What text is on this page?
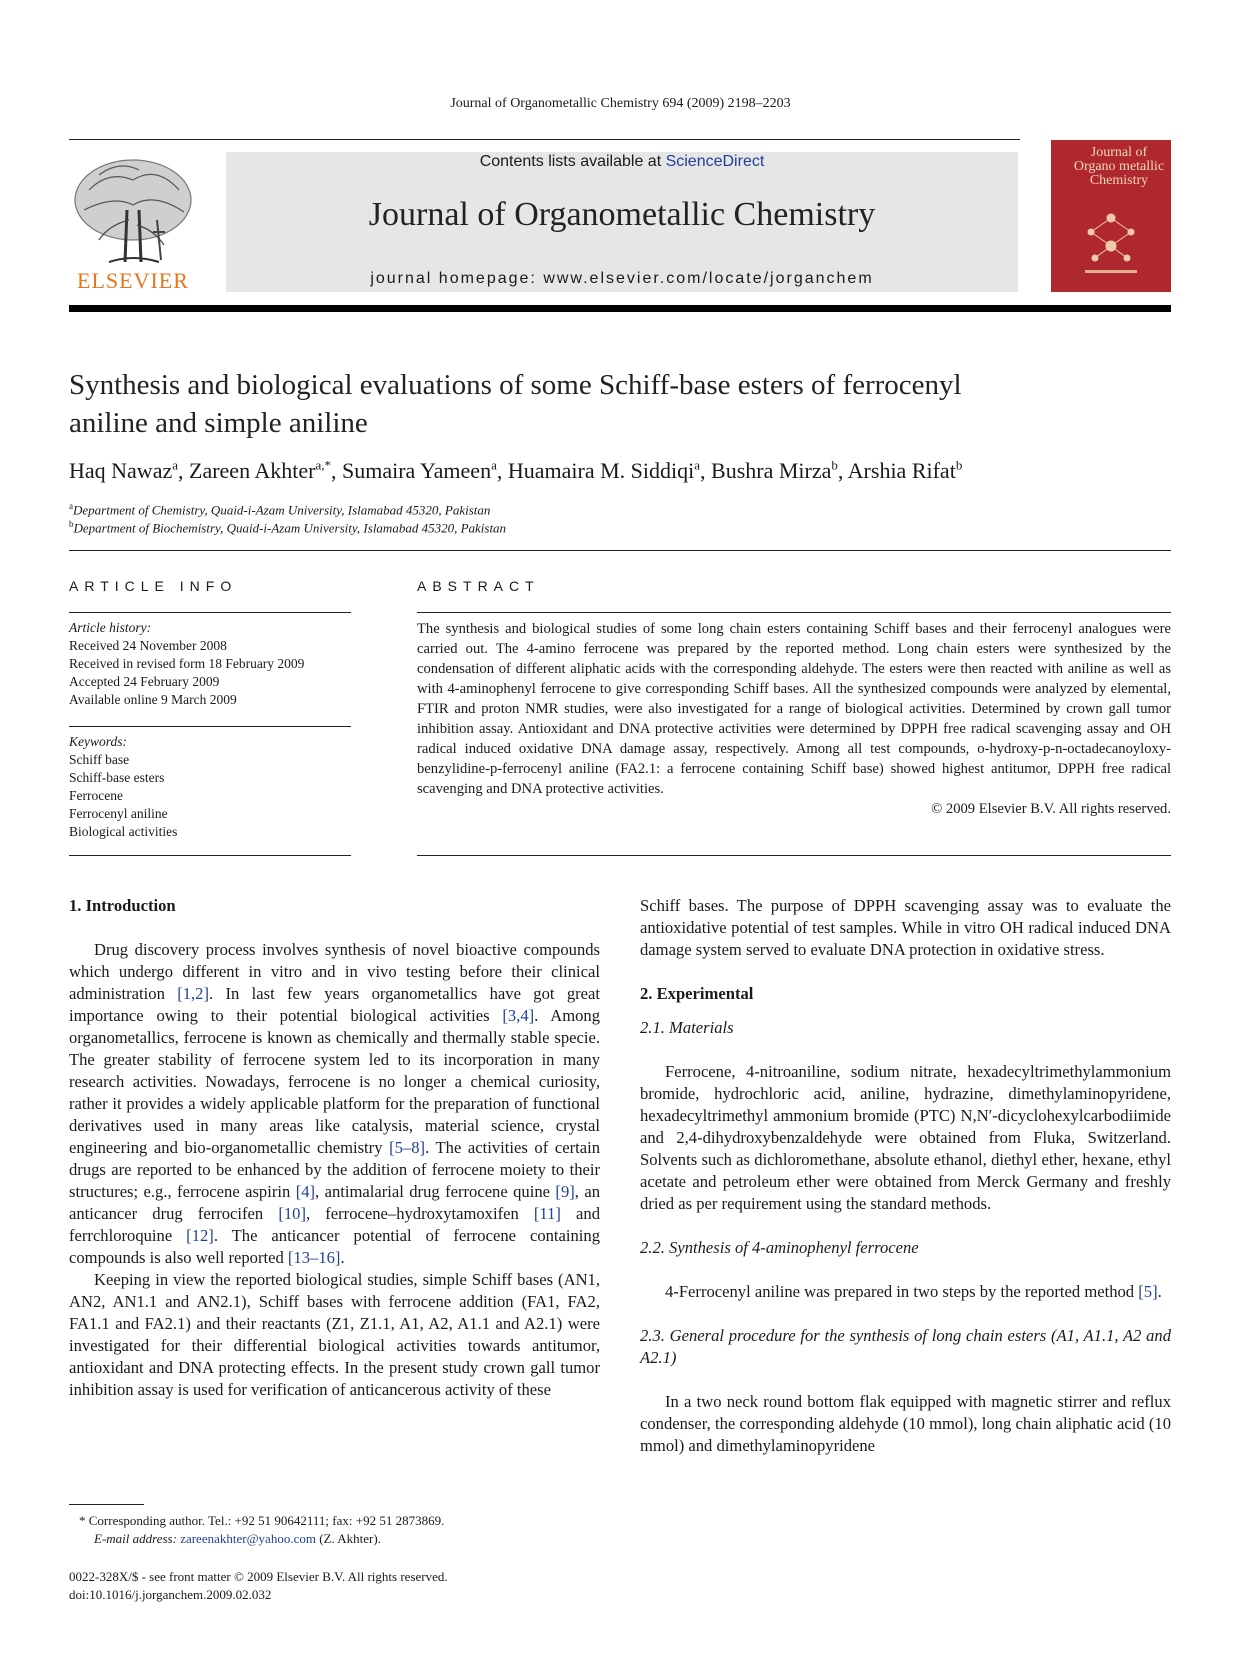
Journal of Organometallic Chemistry 694 (2009) 2198–2203
ELSEVIER
Contents lists available at ScienceDirect
Journal of Organometallic Chemistry
journal homepage: www.elsevier.com/locate/jorganchem
Journal of Organo metallic Chemistry
Synthesis and biological evaluations of some Schiff-base esters of ferrocenyl
aniline and simple aniline
Haq Nawaz$^a$, Zareen Akhter$^{a,*}$, Sumaira Yameen$^a$, Huamaira M. Siddiqi$^a$, Bushra Mirza$^b$, Arshia Rifat$^b$
$^a$Department of Chemistry, Quaid-i-Azam University, Islamabad 45320, Pakistan
$^b$Department of Biochemistry, Quaid-i-Azam University, Islamabad 45320, Pakistan
ARTICLE INFO
Article history:
Received 24 November 2008
Received in revised form 18 February 2009
Accepted 24 February 2009
Available online 9 March 2009
Keywords:
Schiff base
Schiff-base esters
Ferrocene
Ferrocenyl aniline
Biological activities
ABSTRACT
The synthesis and biological studies of some long chain esters containing Schiff bases and their ferrocenyl analogues were carried out. The 4-amino ferrocene was prepared by the reported method. Long chain esters were synthesized by the condensation of different aliphatic acids with the corresponding aldehyde. The esters were then reacted with aniline as well as with 4-aminophenyl ferrocene to give corresponding Schiff bases. All the synthesized compounds were analyzed by elemental, FTIR and proton NMR studies, were also investigated for a range of biological activities. Determined by crown gall tumor inhibition assay. Antioxidant and DNA protective activities were determined by DPPH free radical scavenging assay and OH radical induced oxidative DNA damage assay, respectively. Among all test compounds, o-hydroxy-p-n-octadecanoyloxy-benzylidine-p-ferrocenyl aniline (FA2.1: a ferrocene containing Schiff base) showed highest antitumor, DPPH free radical scavenging and DNA protective activities.
© 2009 Elsevier B.V. All rights reserved.

1. Introduction

Drug discovery process involves synthesis of novel bioactive compounds which undergo different in vitro and in vivo testing before their clinical administration [1,2]. In last few years organometallics have got great importance owing to their potential biological activities [3,4]. Among organometallics, ferrocene is known as chemically and thermally stable specie. The greater stability of ferrocene system led to its incorporation in many research activities. Nowadays, ferrocene is no longer a chemical curiosity, rather it provides a widely applicable platform for the preparation of functional derivatives used in many areas like catalysis, material science, crystal engineering and bio-organometallic chemistry [5–8]. The activities of certain drugs are reported to be enhanced by the addition of ferrocene moiety to their structures; e.g., ferrocene aspirin [4], antimalarial drug ferrocene quine [9], an anticancer drug ferrocifen [10], ferrocene–hydroxytamoxifen [11] and ferrchloroquine [12]. The anticancer potential of ferrocene containing compounds is also well reported [13–16].

Keeping in view the reported biological studies, simple Schiff bases (AN1, AN2, AN1.1 and AN2.1), Schiff bases with ferrocene addition (FA1, FA2, FA1.1 and FA2.1) and their reactants (Z1, Z1.1, A1, A2, A1.1 and A2.1) were investigated for their differential biological activities towards antitumor, antioxidant and DNA protecting effects. In the present study crown gall tumor inhibition assay is used for verification of anticancerous activity of these

Schiff bases. The purpose of DPPH scavenging assay was to evaluate the antioxidative potential of test samples. While in vitro OH radical induced DNA damage system served to evaluate DNA protection in oxidative stress.

2. Experimental

2.1. Materials

Ferrocene, 4-nitroaniline, sodium nitrate, hexadecyltrimethylammonium bromide, hydrochloric acid, aniline, hydrazine, dimethylaminopyridene, hexadecyltrimethyl ammonium bromide (PTC) N,N′-dicyclohexylcarbodiimide and 2,4-dihydroxybenzaldehyde were obtained from Fluka, Switzerland. Solvents such as dichloromethane, absolute ethanol, diethyl ether, hexane, ethyl acetate and petroleum ether were obtained from Merck Germany and freshly dried as per requirement using the standard methods.

2.2. Synthesis of 4-aminophenyl ferrocene

4-Ferrocenyl aniline was prepared in two steps by the reported method [5].

2.3. General procedure for the synthesis of long chain esters (A1, A1.1, A2 and A2.1)

In a two neck round bottom flak equipped with magnetic stirrer and reflux condenser, the corresponding aldehyde (10 mmol), long chain aliphatic acid (10 mmol) and dimethylaminopyridene

* Corresponding author. Tel.: +92 51 90642111; fax: +92 51 2873869.
E-mail address: zareenakhter@yahoo.com (Z. Akhter).
0022-328X/$ - see front matter © 2009 Elsevier B.V. All rights reserved.
doi:10.1016/j.jorganchem.2009.02.032
